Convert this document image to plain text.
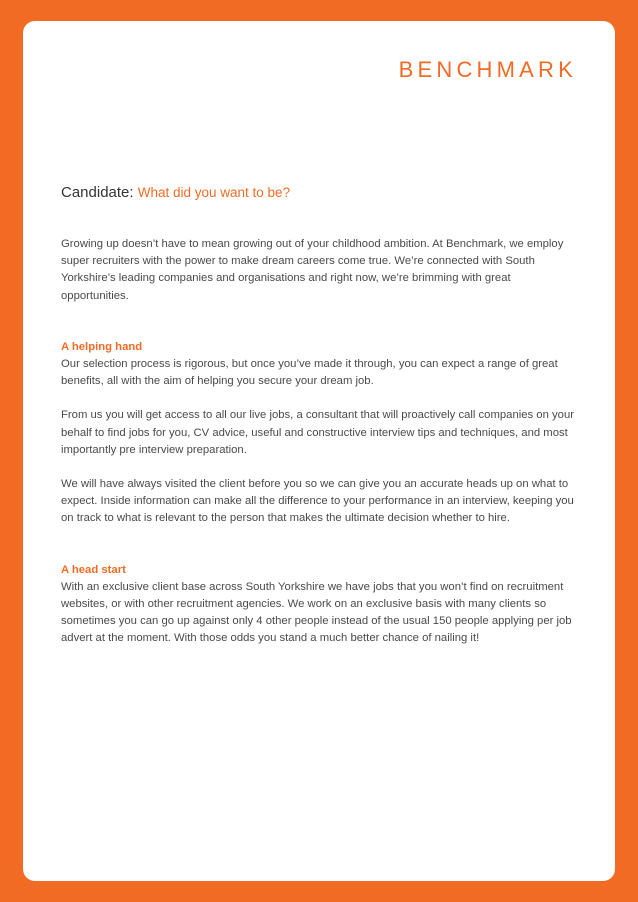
BENCHMARK
Candidate: What did you want to be?

Growing up doesn’t have to mean growing out of your childhood ambition. At Benchmark, we employ super recruiters with the power to make dream careers come true. We’re connected with South Yorkshire’s leading companies and organisations and right now, we’re brimming with great opportunities.

A helping hand

Our selection process is rigorous, but once you’ve made it through, you can expect a range of great benefits, all with the aim of helping you secure your dream job.

From us you will get access to all our live jobs, a consultant that will proactively call companies on your behalf to find jobs for you, CV advice, useful and constructive interview tips and techniques, and most importantly pre interview preparation.

We will have always visited the client before you so we can give you an accurate heads up on what to expect. Inside information can make all the difference to your performance in an interview, keeping you on track to what is relevant to the person that makes the ultimate decision whether to hire.

A head start

With an exclusive client base across South Yorkshire we have jobs that you won’t find on recruitment websites, or with other recruitment agencies. We work on an exclusive basis with many clients so sometimes you can go up against only 4 other people instead of the usual 150 people applying per job advert at the moment. With those odds you stand a much better chance of nailing it!
